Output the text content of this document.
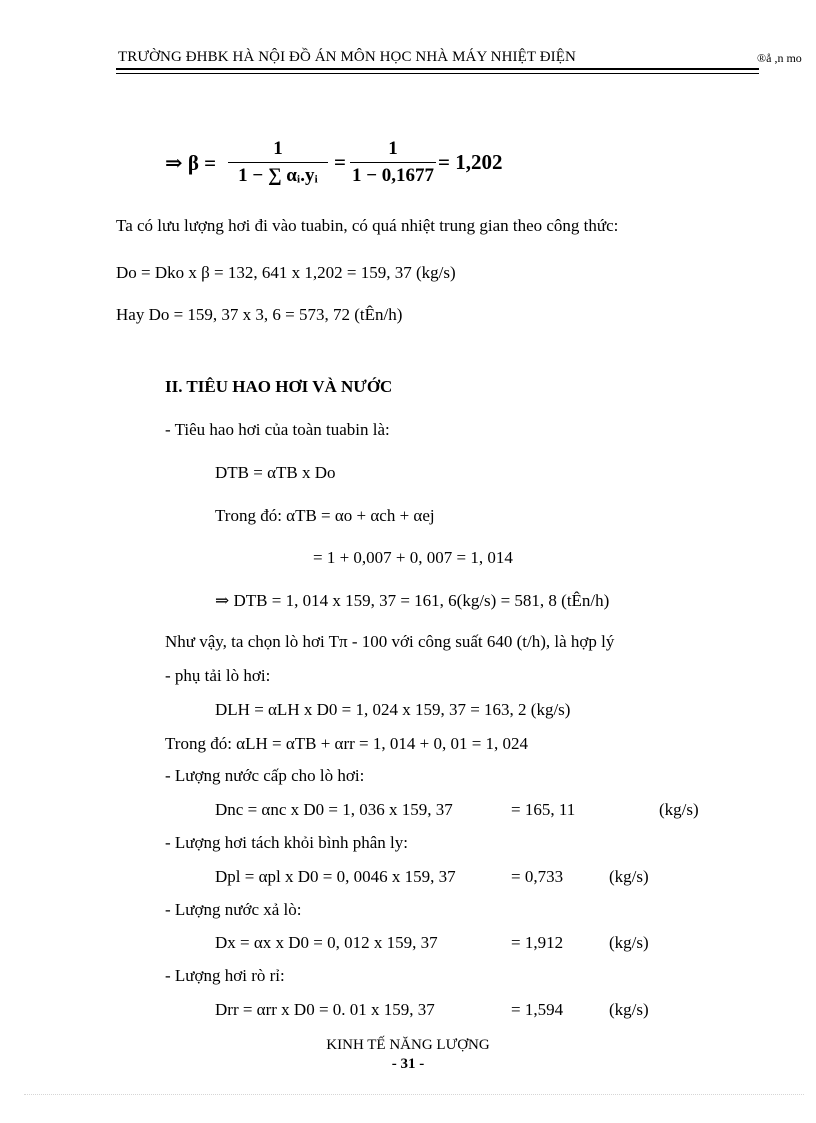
TRƯỜNG ĐHBK HÀ NỘI ĐỒ ÁN MÔN HỌC NHÀ MÁY NHIỆT ĐIỆN	®å ,n mo
⇒ β =
1
1 − ∑ αᵢ.yᵢ
=
1
1 − 0,1677
= 1,202
Ta có lưu lượng hơi đi vào tuabin, có quá nhiệt trung gian theo công thức:
Do = Dko x β = 132, 641 x 1,202 = 159, 37 (kg/s)
Hay Do = 159, 37 x 3, 6 = 573, 72 (tÊn/h)
II. TIÊU HAO HƠI VÀ NƯỚC
- Tiêu hao hơi của toàn tuabin là:
DTB = αTB x Do
Trong đó: αTB = αo + αch + αej
= 1 + 0,007 + 0, 007 = 1, 014
⇒ DTB = 1, 014 x 159, 37 = 161, 6(kg/s) = 581, 8 (tÊn/h)
Như vậy, ta chọn lò hơi Tπ - 100 với công suất 640 (t/h), là hợp lý
- phụ tải lò hơi:
DLH = αLH x D0 = 1, 024 x 159, 37 = 163, 2 (kg/s)
Trong đó: αLH = αTB + αrr = 1, 014 + 0, 01 = 1, 024
- Lượng nước cấp cho lò hơi:
Dnc = αnc x D0 = 1, 036 x 159, 37	= 165, 11	(kg/s)
- Lượng hơi tách khỏi bình phân ly:
Dpl = αpl x D0 = 0, 0046 x 159, 37	= 0,733	(kg/s)
- Lượng nước xả lò:
Dx = αx x D0 = 0, 012 x 159, 37	= 1,912	(kg/s)
- Lượng hơi rò rỉ:
Drr = αrr x D0 = 0. 01 x 159, 37	= 1,594	(kg/s)
KINH TẾ NĂNG LƯỢNG
- 31 -
